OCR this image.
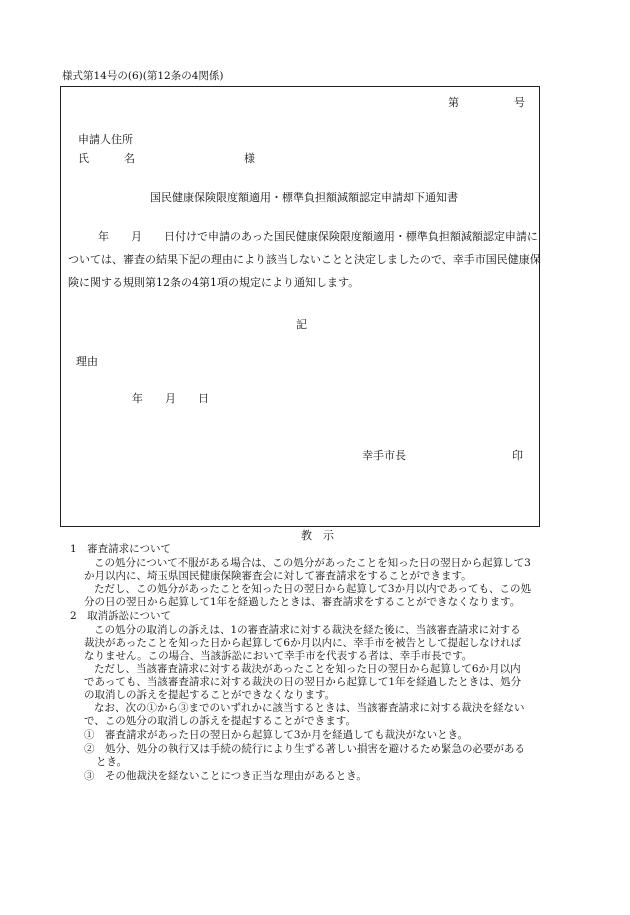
様式第14号の(6)(第12条の4関係)
第　　　　　号
申請人住所
氏	名	様
国民健康保険限度額適用・標準負担額減額認定申請却下通知書
年　　月　　日付けで申請のあった国民健康保険限度額適用・標準負担額減額認定申請に
ついては、審査の結果下記の理由により該当しないことと決定しましたので、幸手市国民健康保
険に関する規則第12条の4第1項の規定により通知します。
記
理由
年　　月　　日
幸手市長	印
教　示
1　審査請求について
この処分について不服がある場合は、この処分があったことを知った日の翌日から起算して3
か月以内に、埼玉県国民健康保険審査会に対して審査請求をすることができます。
ただし、この処分があったことを知った日の翌日から起算して3か月以内であっても、この処
分の日の翌日から起算して1年を経過したときは、審査請求をすることができなくなります。
2　取消訴訟について
この処分の取消しの訴えは、1の審査請求に対する裁決を経た後に、当該審査請求に対する
裁決があったことを知った日から起算して6か月以内に、幸手市を被告として提起しなければ
なりません。この場合、当該訴訟において幸手市を代表する者は、幸手市長です。
ただし、当該審査請求に対する裁決があったことを知った日の翌日から起算して6か月以内
であっても、当該審査請求に対する裁決の日の翌日から起算して1年を経過したときは、処分
の取消しの訴えを提起することができなくなります。
なお、次の①から③までのいずれかに該当するときは、当該審査請求に対する裁決を経ない
で、この処分の取消しの訴えを提起することができます。
①　審査請求があった日の翌日から起算して3か月を経過しても裁決がないとき。
②　処分、処分の執行又は手続の続行により生ずる著しい損害を避けるため緊急の必要がある
とき。
③　その他裁決を経ないことにつき正当な理由があるとき。
